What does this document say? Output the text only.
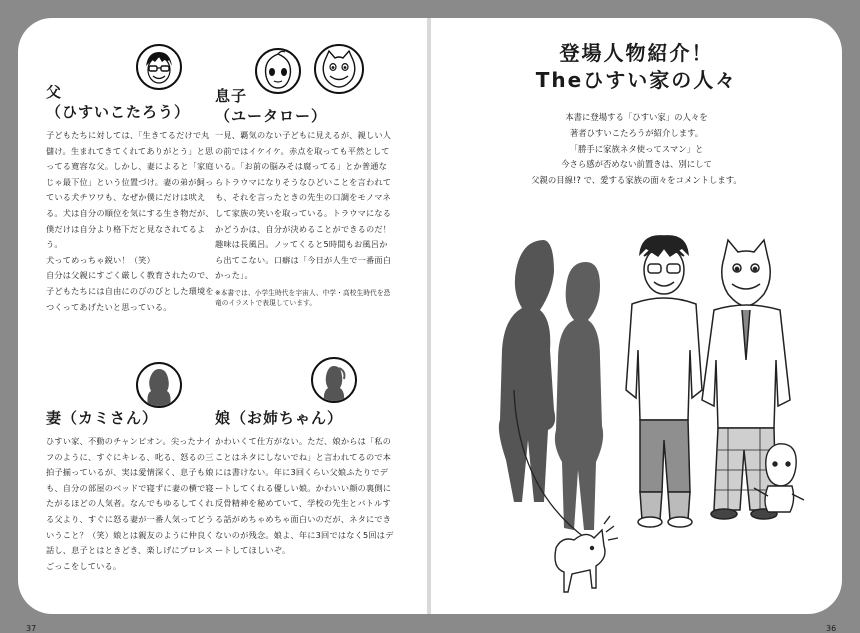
父
（ひすいこたろう）

子どもたちに対しては、「生きてるだけで丸儲け。生まれてきてくれてありがとう」と思ってる寛容な父。しかし、妻によると「家庭じゃ最下位」という位置づけ。妻の弟が飼っている犬チワワも、なぜか僕にだけは吠える。犬は自分の順位を気にする生き物だが、僕だけは自分より格下だと見なされてるよう。

犬ってめっちゃ鋭い！（笑）

自分は父親にすごく厳しく教育されたので、子どもたちには自由にのびのびとした環境をつくってあげたいと思っている。

息子
（ユータロー）

一見、覇気のない子どもに見えるが、親しい人の前ではイケイケ。赤点を取っても平然としている。「お前の脳みそは腐ってる」とか普通ならトラウマになりそうなひどいことを言われても、それを言ったときの先生の口調をモノマネして家族の笑いを取っている。トラウマになるかどうかは、自分が決めることができるのだ！

趣味は長風呂。ノッてくると5時間もお風呂から出てこない。口癖は「今日が人生で一番面白かった」。

※本書では、小学生時代を宇宙人、中学・高校生時代を恐竜のイラストで表現しています。

妻（カミさん）

ひすい家、不動のチャンピオン。尖ったナイフのように、すぐにキレる、叱る、怒るの三拍子揃っているが、実は愛情深く、息子も娘も、自分の部屋のベッドで寝ずに妻の横で寝たがるほどの人気者。なんでもゆるしてくれる父より、すぐに怒る妻が一番人気ってどういうこと？（笑）娘とは親友のように仲良く話し、息子とはときどき、楽しげにプロレスごっこをしている。

娘（お姉ちゃん）

かわいくて仕方がない。ただ、娘からは「私のことはネタにしないでね」と言われてるので本には書けない。年に3回くらい父娘ふたりでデートしてくれる優しい娘。かわいい顔の裏側に反骨精神を秘めていて、学校の先生とバトルする話がめちゃめちゃ面白いのだが、ネタにできないのが残念。娘よ、年に3回ではなく5回はデートしてほしいぞ。

37
登場人物紹介！
Theひすい家の人々

本書に登場する「ひすい家」の人々を

著者ひすいこたろうが紹介します。

「勝手に家族ネタ使ってスマン」と

今さら感が否めない前置きは、別にして

父親の目線!? で、愛する家族の面々をコメントします。

36
